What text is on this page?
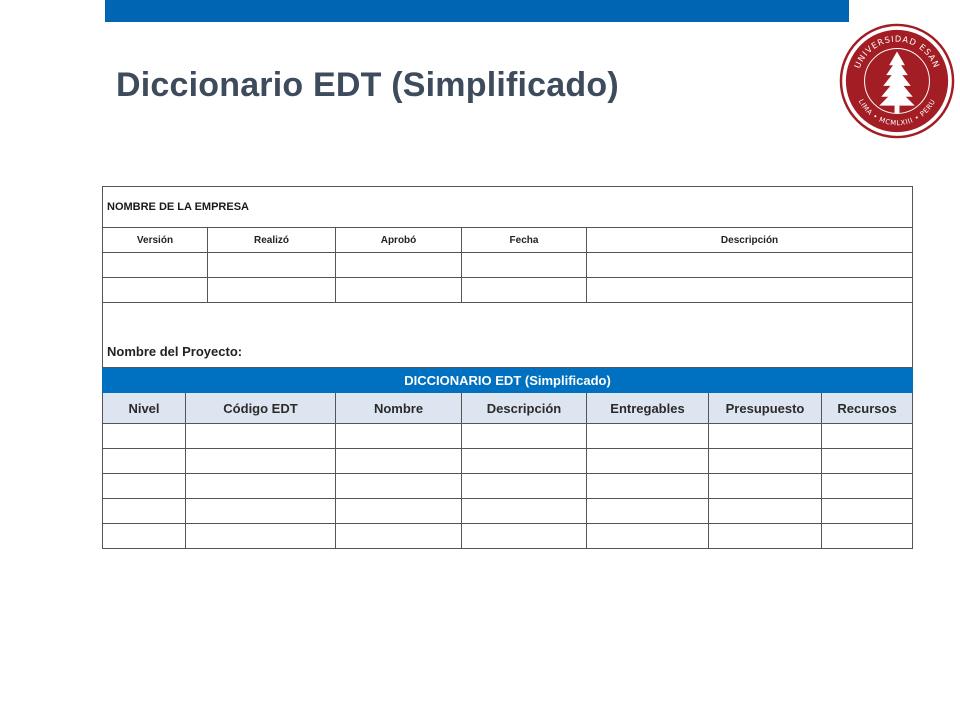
Diccionario EDT (Simplificado)
UNIVERSIDAD ESAN
LIMA • MCMLXIII • PERU
NOMBRE DE LA EMPRESA							
Versión		Realizó	Aprobó	Fecha	Descripción		

Nombre del Proyecto:							
DICCIONARIO EDT (Simplificado)							
Nivel	Código EDT		Nombre	Descripción	Entregables	Presupuesto	Recursos
